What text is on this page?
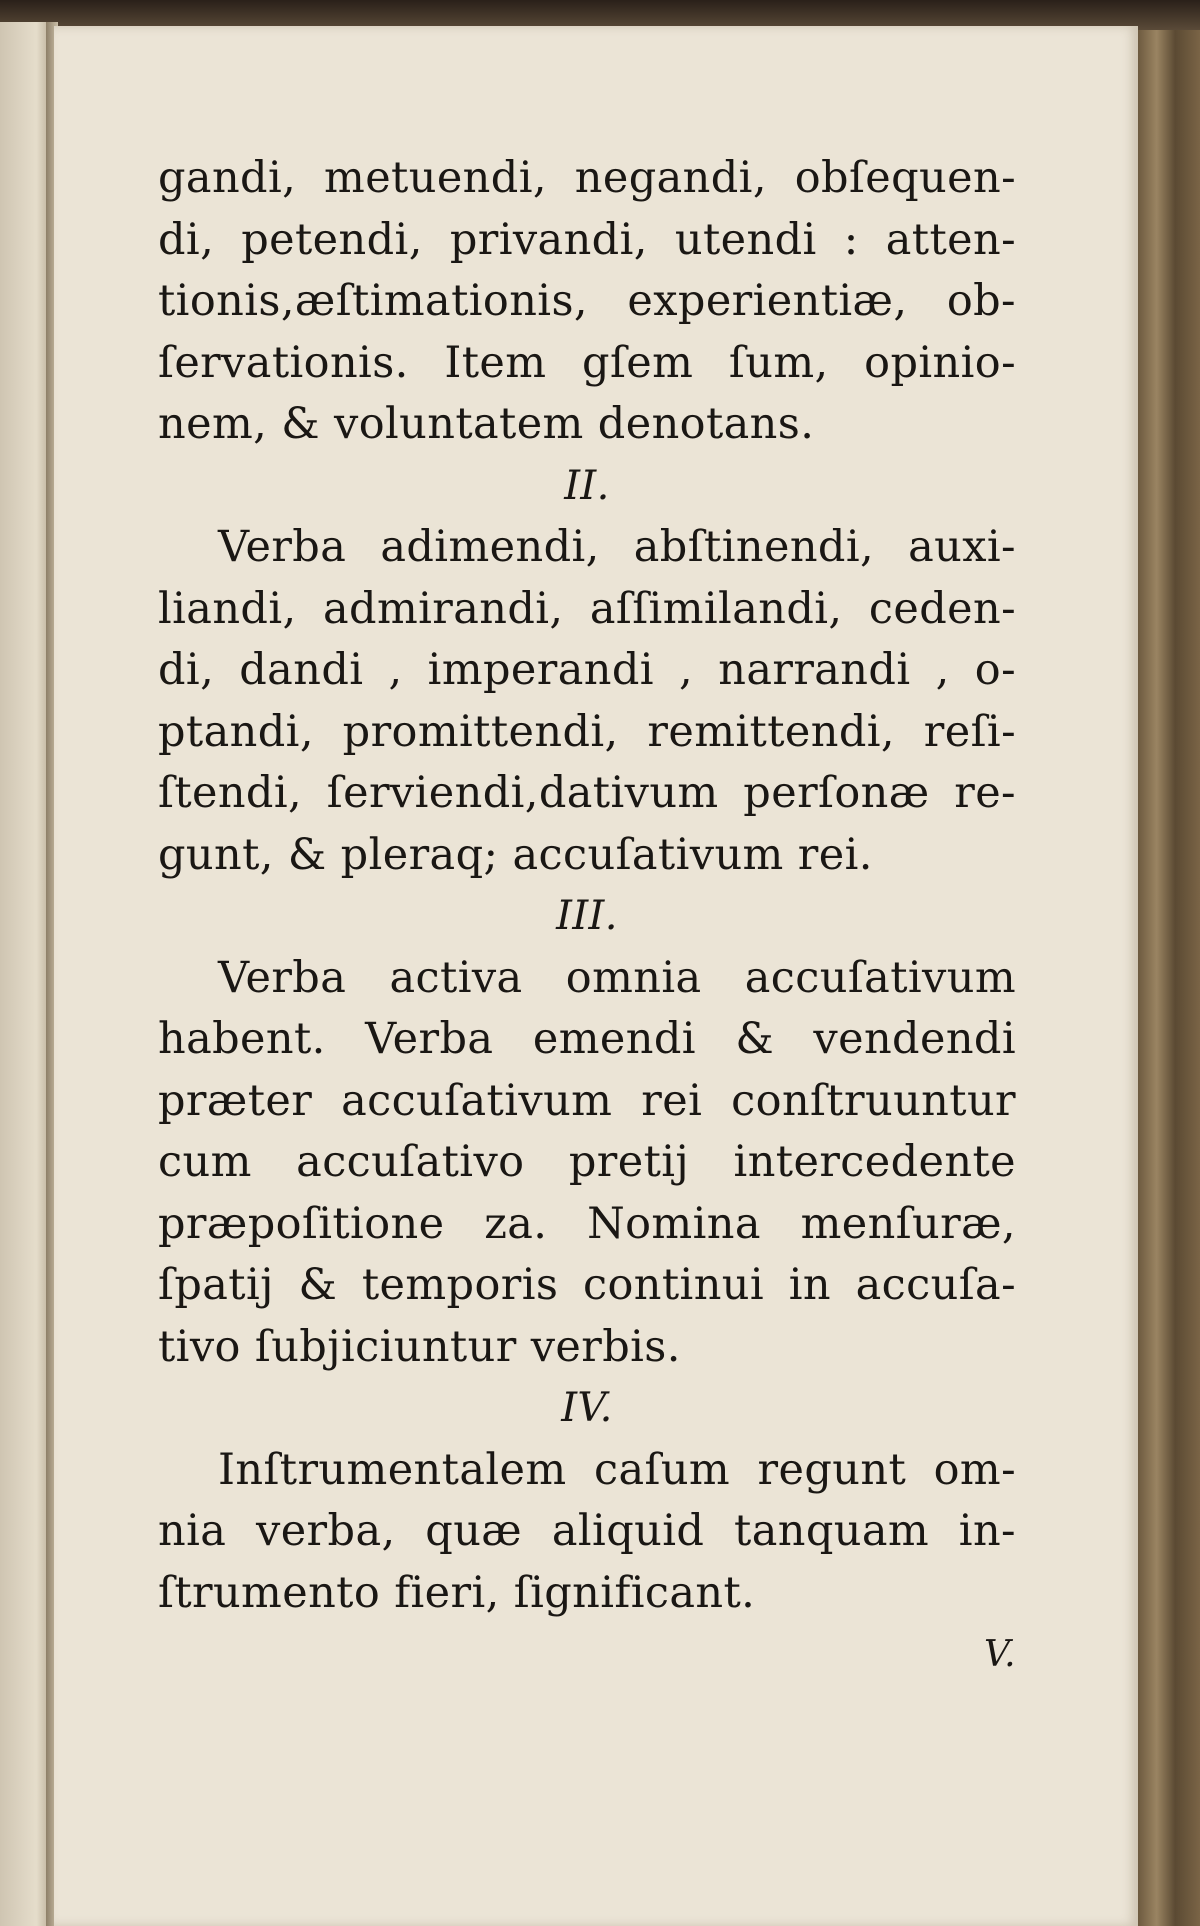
gandi, metuendi, negandi, obſequen-
di, petendi, privandi, utendi : atten-
tionis,æſtimationis, experientiæ, ob-
ſervationis. Item gſem ſum, opinio-
nem, & voluntatem denotans.
II.
Verba adimendi, abſtinendi, auxi-
liandi, admirandi, aſſimilandi, ceden-
di, dandi , imperandi , narrandi , o-
ptandi, promittendi, remittendi, reſi-
ſtendi, ſerviendi,dativum perſonæ re-
gunt, & pleraq; accuſativum rei.
III.
Verba activa omnia accuſativum
habent. Verba emendi & vendendi
præter accuſativum rei conſtruuntur
cum accuſativo pretij intercedente
præpoſitione za. Nomina menſuræ,
ſpatij & temporis continui in accuſa-
tivo ſubjiciuntur verbis.
IV.
Inſtrumentalem caſum regunt om-
nia verba, quæ aliquid tanquam in-
ſtrumento fieri, ſignificant.
V.
